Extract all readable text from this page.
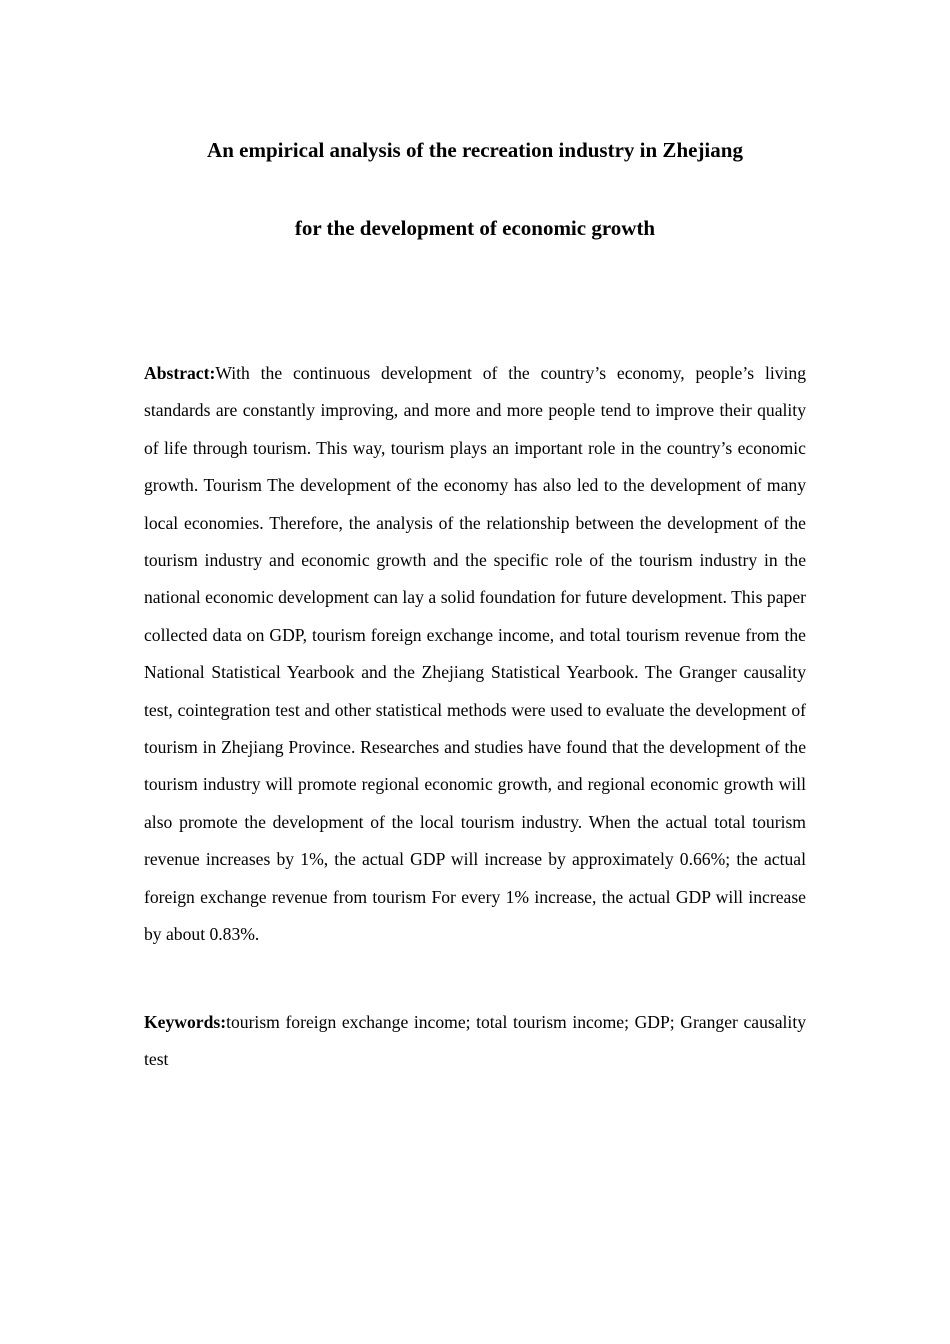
An empirical analysis of the recreation industry in Zhejiang
for the development of economic growth

Abstract:With the continuous development of the country’s economy, people’s living standards are constantly improving, and more and more people tend to improve their quality of life through tourism. This way, tourism plays an important role in the country’s economic growth. Tourism The development of the economy has also led to the development of many local economies. Therefore, the analysis of the relationship between the development of the tourism industry and economic growth and the specific role of the tourism industry in the national economic development can lay a solid foundation for future development. This paper collected data on GDP, tourism foreign exchange income, and total tourism revenue from the National Statistical Yearbook and the Zhejiang Statistical Yearbook. The Granger causality test, cointegration test and other statistical methods were used to evaluate the development of tourism in Zhejiang Province. Researches and studies have found that the development of the tourism industry will promote regional economic growth, and regional economic growth will also promote the development of the local tourism industry. When the actual total tourism revenue increases by 1%, the actual GDP will increase by approximately 0.66%; the actual foreign exchange revenue from tourism For every 1% increase, the actual GDP will increase by about 0.83%.

Keywords:tourism foreign exchange income; total tourism income; GDP; Granger causality test
